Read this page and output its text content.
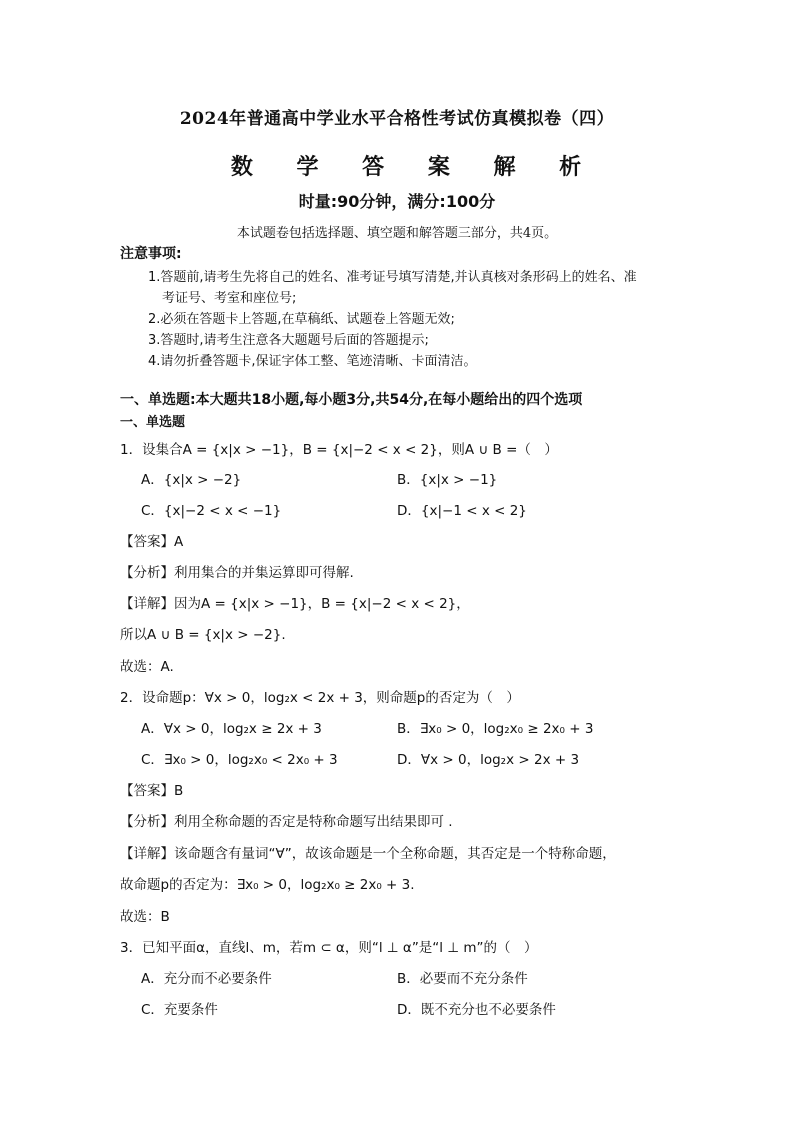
2024年普通高中学业水平合格性考试仿真模拟卷（四）
数 学 答 案 解 析
时量:90分钟，满分:100分
本试题卷包括选择题、填空题和解答题三部分，共4页。
注意事项:
1.答题前,请考生先将自己的姓名、准考证号填写清楚,并认真核对条形码上的姓名、准
考证号、考室和座位号;
2.必须在答题卡上答题,在草稿纸、试题卷上答题无效;
3.答题时,请考生注意各大题题号后面的答题提示;
4.请勿折叠答题卡,保证字体工整、笔迹清晰、卡面清洁。
一、单选题:本大题共18小题,每小题3分,共54分,在每小题给出的四个选项
一、单选题
1．设集合A = {x|x > −1}，B = {x|−2 < x < 2}，则A ∪ B =（　）
A．{x|x > −2}	B．{x|x > −1}
C．{x|−2 < x < −1}	D．{x|−1 < x < 2}
【答案】A
【分析】利用集合的并集运算即可得解.
【详解】因为A = {x|x > −1}，B = {x|−2 < x < 2}，
所以A ∪ B = {x|x > −2}.
故选：A.
2．设命题p：∀x > 0，log₂x < 2x + 3，则命题p的否定为（　）
A．∀x > 0，log₂x ≥ 2x + 3	B．∃x₀ > 0，log₂x₀ ≥ 2x₀ + 3
C．∃x₀ > 0，log₂x₀ < 2x₀ + 3	D．∀x > 0，log₂x > 2x + 3
【答案】B
【分析】利用全称命题的否定是特称命题写出结果即可 .
【详解】该命题含有量词“∀”，故该命题是一个全称命题，其否定是一个特称命题，
故命题p的否定为：∃x₀ > 0，log₂x₀ ≥ 2x₀ + 3.
故选：B
3．已知平面α，直线l、m，若m ⊂ α，则“l ⊥ α”是“l ⊥ m”的（　）
A．充分而不必要条件	B．必要而不充分条件
C．充要条件	D．既不充分也不必要条件
